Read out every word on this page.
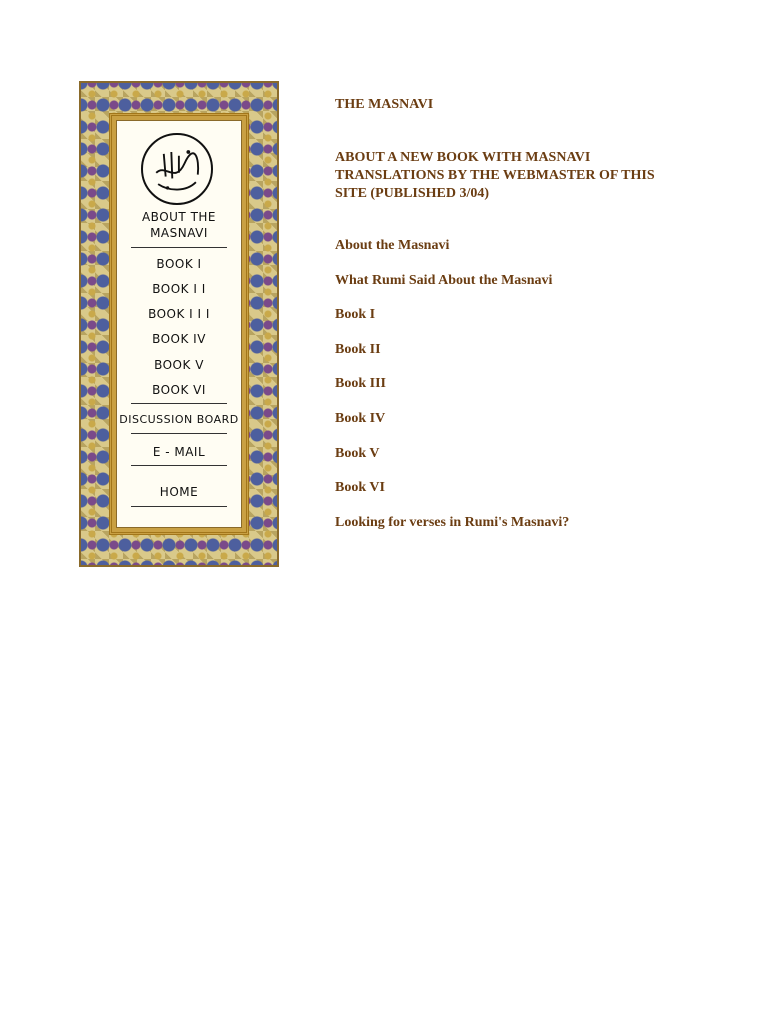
ABOUT THE MASNAVI
BOOK I
BOOK I I
BOOK I I I
BOOK IV
BOOK V
BOOK VI
DISCUSSION BOARD
E - MAIL
HOME

THE MASNAVI

ABOUT A NEW BOOK WITH MASNAVI TRANSLATIONS BY THE WEBMASTER OF THIS SITE (PUBLISHED 3/04)

About the Masnavi
What Rumi Said About the Masnavi
Book I
Book II
Book III
Book IV
Book V
Book VI
Looking for verses in Rumi's Masnavi?
